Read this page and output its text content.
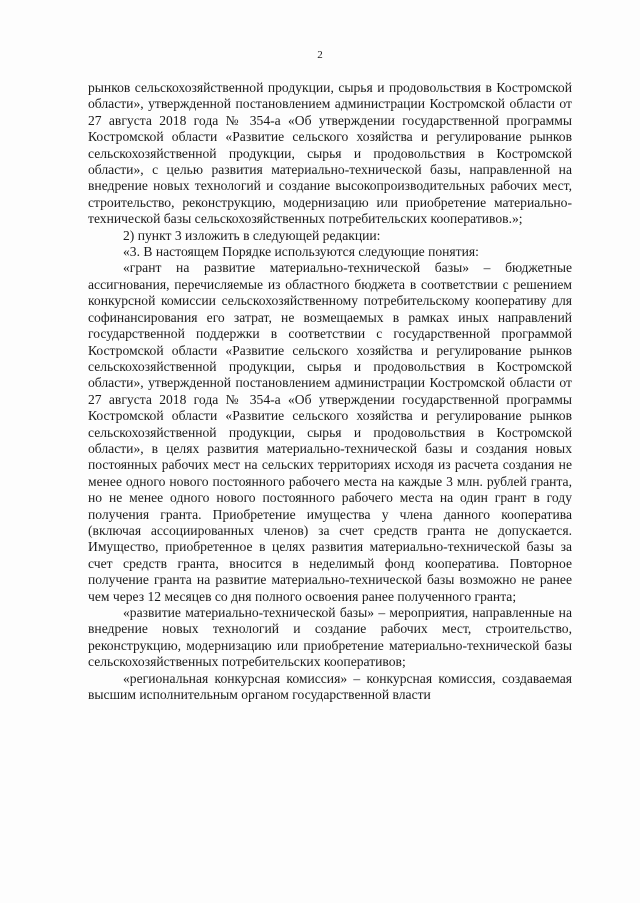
2

рынков сельскохозяйственной продукции, сырья и продовольствия в Костромской области», утвержденной постановлением администрации Костромской области от 27 августа 2018 года № 354-а «Об утверждении государственной программы Костромской области «Развитие сельского хозяйства и регулирование рынков сельскохозяйственной продукции, сырья и продовольствия в Костромской области», с целью развития материально-технической базы, направленной на внедрение новых технологий и создание высокопроизводительных рабочих мест, строительство, реконструкцию, модернизацию или приобретение материально-технической базы сельскохозяйственных потребительских кооперативов.»;

2) пункт 3 изложить в следующей редакции:

«3. В настоящем Порядке используются следующие понятия:

«грант на развитие материально-технической базы» – бюджетные ассигнования, перечисляемые из областного бюджета в соответствии с решением конкурсной комиссии сельскохозяйственному потребительскому кооперативу для софинансирования его затрат, не возмещаемых в рамках иных направлений государственной поддержки в соответствии с государственной программой Костромской области «Развитие сельского хозяйства и регулирование рынков сельскохозяйственной продукции, сырья и продовольствия в Костромской области», утвержденной постановлением администрации Костромской области от 27 августа 2018 года № 354-а «Об утверждении государственной программы Костромской области «Развитие сельского хозяйства и регулирование рынков сельскохозяйственной продукции, сырья и продовольствия в Костромской области», в целях развития материально-технической базы и создания новых постоянных рабочих мест на сельских территориях исходя из расчета создания не менее одного нового постоянного рабочего места на каждые 3 млн. рублей гранта, но не менее одного нового постоянного рабочего места на один грант в году получения гранта. Приобретение имущества у члена данного кооператива (включая ассоциированных членов) за счет средств гранта не допускается. Имущество, приобретенное в целях развития материально-технической базы за счет средств гранта, вносится в неделимый фонд кооператива. Повторное получение гранта на развитие материально-технической базы возможно не ранее чем через 12 месяцев со дня полного освоения ранее полученного гранта;

«развитие материально-технической базы» – мероприятия, направленные на внедрение новых технологий и создание рабочих мест, строительство, реконструкцию, модернизацию или приобретение материально-технической базы сельскохозяйственных потребительских кооперативов;

«региональная конкурсная комиссия» – конкурсная комиссия, создаваемая высшим исполнительным органом государственной власти
